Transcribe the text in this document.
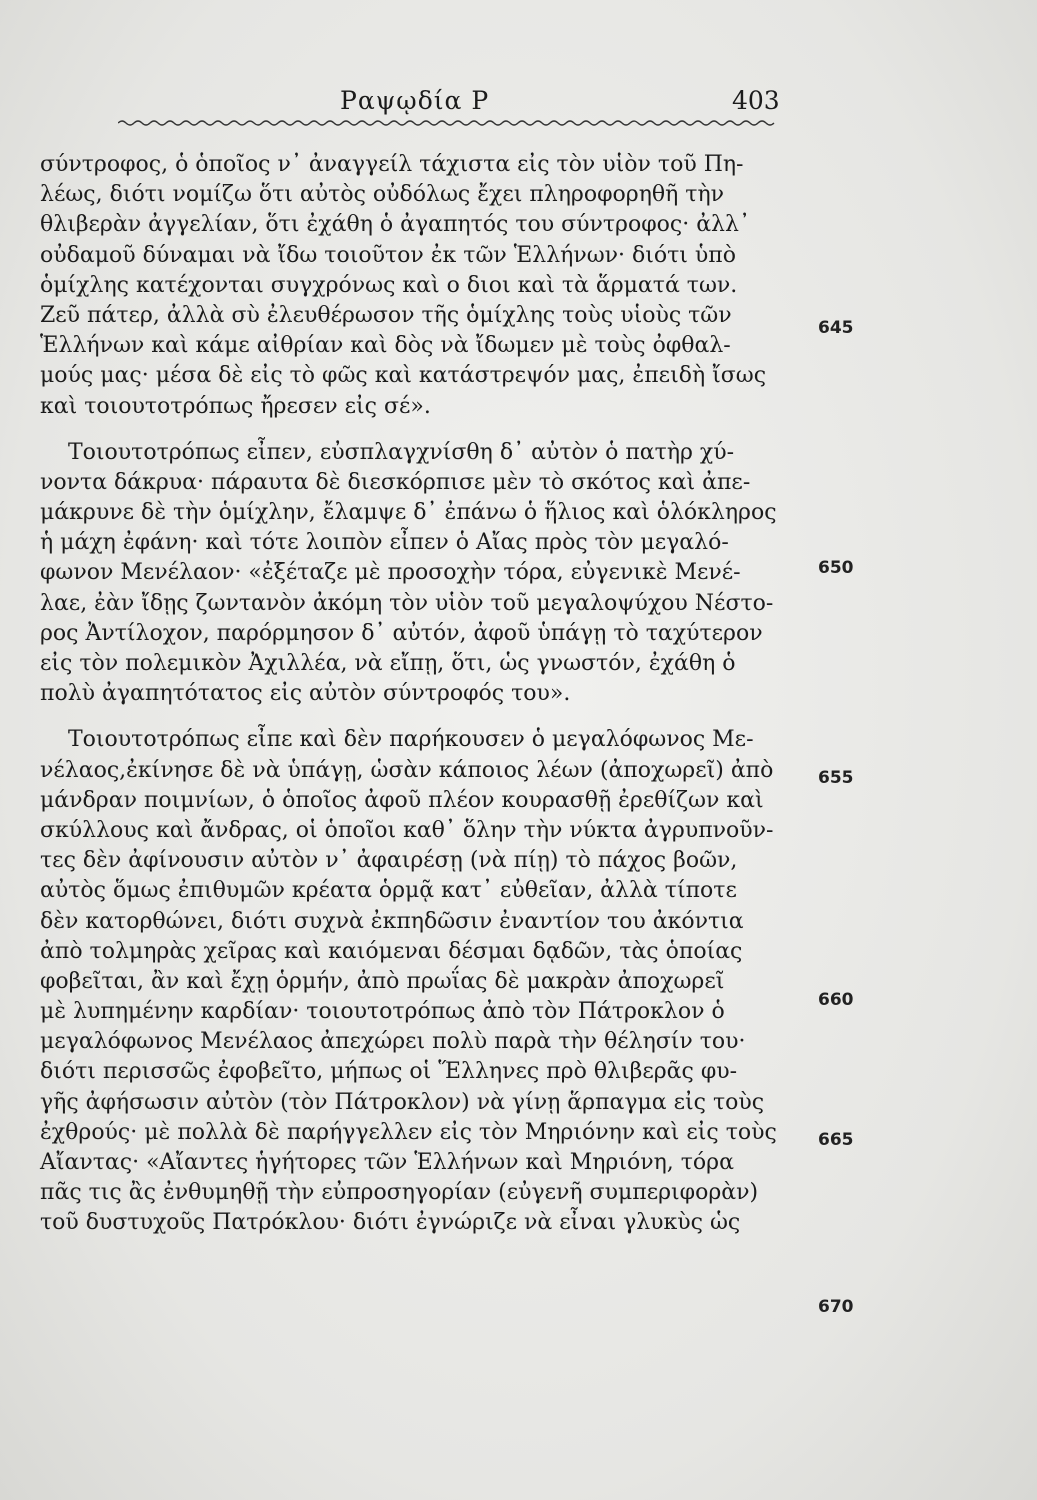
Ραψῳδία Ρ	403
σύντροφος, ὁ ὁποῖος ν᾿ ἀναγγείλ τάχιστα εἰς τὸν υἱὸν τοῦ Πη-
λέως, διότι νομίζω ὅτι αὐτὸς οὐδόλως ἔχει πληροφορηθῆ τὴν
θλιβερὰν ἀγγελίαν, ὅτι ἐχάθη ὁ ἀγαπητός του σύντροφος· ἀλλ᾿
οὐδαμοῦ δύναμαι νὰ ἴδω τοιοῦτον ἐκ τῶν Ἑλλήνων· διότι ὑπὸ
ὁμίχλης κατέχονται συγχρόνως καὶ ο διοι καὶ τὰ ἅρματά των.
Ζεῦ πάτερ, ἀλλὰ σὺ ἐλευθέρωσον τῆς ὁμίχλης τοὺς υἱοὺς τῶν
Ἑλλήνων καὶ κάμε αἰθρίαν καὶ δὸς νὰ ἴδωμεν μὲ τοὺς ὀφθαλ-
μούς μας· μέσα δὲ εἰς τὸ φῶς καὶ κατάστρεψόν μας, ἐπειδὴ ἴσως
καὶ τοιουτοτρόπως ἤρεσεν εἰς σέ».
Τοιουτοτρόπως εἶπεν, εὐσπλαγχνίσθη δ᾿ αὐτὸν ὁ πατὴρ χύ-
νοντα δάκρυα· πάραυτα δὲ διεσκόρπισε μὲν τὸ σκότος καὶ ἀπε-
μάκρυνε δὲ τὴν ὁμίχλην, ἔλαμψε δ᾿ ἐπάνω ὁ ἥλιος καὶ ὁλόκληρος
ἡ μάχη ἐφάνη· καὶ τότε λοιπὸν εἶπεν ὁ Αἴας πρὸς τὸν μεγαλό-
φωνον Μενέλαον· «ἐξέταζε μὲ προσοχὴν τόρα, εὐγενικὲ Μενέ-
λαε, ἐὰν ἴδῃς ζωντανὸν ἀκόμη τὸν υἱὸν τοῦ μεγαλοψύχου Νέστο-
ρος Ἀντίλοχον, παρόρμησον δ᾿ αὐτόν, ἀφοῦ ὑπάγῃ τὸ ταχύτερον
εἰς τὸν πολεμικὸν Ἀχιλλέα, νὰ εἴπῃ, ὅτι, ὡς γνωστόν, ἐχάθη ὁ
πολὺ ἀγαπητότατος εἰς αὐτὸν σύντροφός του».
Τοιουτοτρόπως εἶπε καὶ δὲν παρήκουσεν ὁ μεγαλόφωνος Με-
νέλαος,ἐκίνησε δὲ νὰ ὑπάγῃ, ὡσὰν κάποιος λέων (ἀποχωρεῖ) ἀπὸ
μάνδραν ποιμνίων, ὁ ὁποῖος ἀφοῦ πλέον κουρασθῇ ἐρεθίζων καὶ
σκύλλους καὶ ἄνδρας, οἱ ὁποῖοι καθ᾿ ὅλην τὴν νύκτα ἀγρυπνοῦν-
τες δὲν ἀφίνουσιν αὐτὸν ν᾿ ἀφαιρέσῃ (νὰ πίῃ) τὸ πάχος βοῶν,
αὐτὸς ὅμως ἐπιθυμῶν κρέατα ὁρμᾷ κατ᾿ εὐθεῖαν, ἀλλὰ τίποτε
δὲν κατορθώνει, διότι συχνὰ ἐκπηδῶσιν ἐναντίον του ἀκόντια
ἀπὸ τολμηρὰς χεῖρας καὶ καιόμεναι δέσμαι δᾳδῶν, τὰς ὁποίας
φοβεῖται, ἂν καὶ ἔχῃ ὁρμήν, ἀπὸ πρωΐας δὲ μακρὰν ἀποχωρεῖ
μὲ λυπημένην καρδίαν· τοιουτοτρόπως ἀπὸ τὸν Πάτροκλον ὁ
μεγαλόφωνος Μενέλαος ἀπεχώρει πολὺ παρὰ τὴν θέλησίν του·
διότι περισσῶς ἐφοβεῖτο, μήπως οἱ Ἕλληνες πρὸ θλιβερᾶς φυ-
γῆς ἀφήσωσιν αὐτὸν (τὸν Πάτροκλον) νὰ γίνῃ ἅρπαγμα εἰς τοὺς
ἐχθρούς· μὲ πολλὰ δὲ παρήγγελλεν εἰς τὸν Μηριόνην καὶ εἰς τοὺς
Αἴαντας· «Αἴαντες ἡγήτορες τῶν Ἑλλήνων καὶ Μηριόνη, τόρα
πᾶς τις ἂς ἐνθυμηθῇ τὴν εὐπροσηγορίαν (εὐγενῆ συμπεριφορὰν)
τοῦ δυστυχοῦς Πατρόκλου· διότι ἐγνώριζε νὰ εἶναι γλυκὺς ὡς
645
650
655
660
665
670
